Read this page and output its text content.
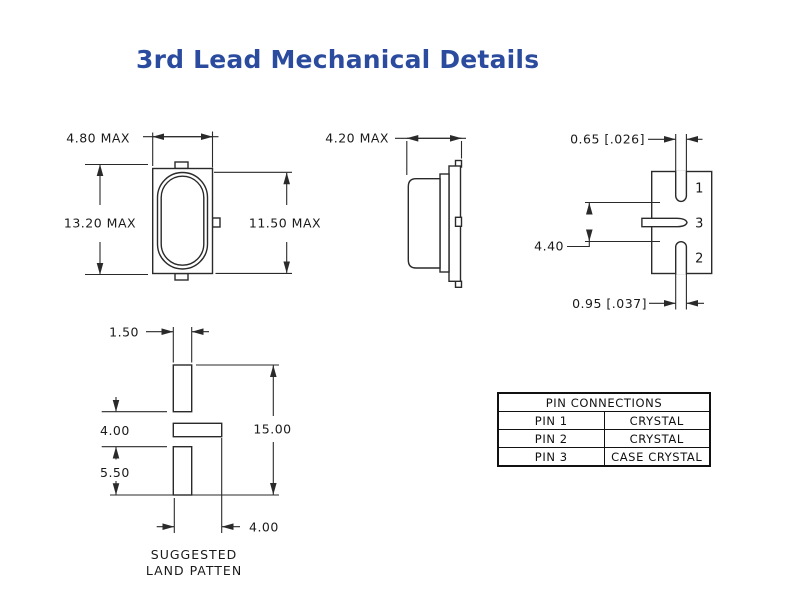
3rd Lead Mechanical Details
4.80 MAX
13.20 MAX	11.50 MAX
4.20 MAX
1
3
2
0.65 [.026]
4.40
0.95 [.037]
1.50
15.00
4.00
5.50
4.00
SUGGESTED
LAND PATTEN
PIN CONNECTIONS	
PIN 1	CRYSTAL
PIN 2	CRYSTAL
PIN 3	CASE CRYSTAL
